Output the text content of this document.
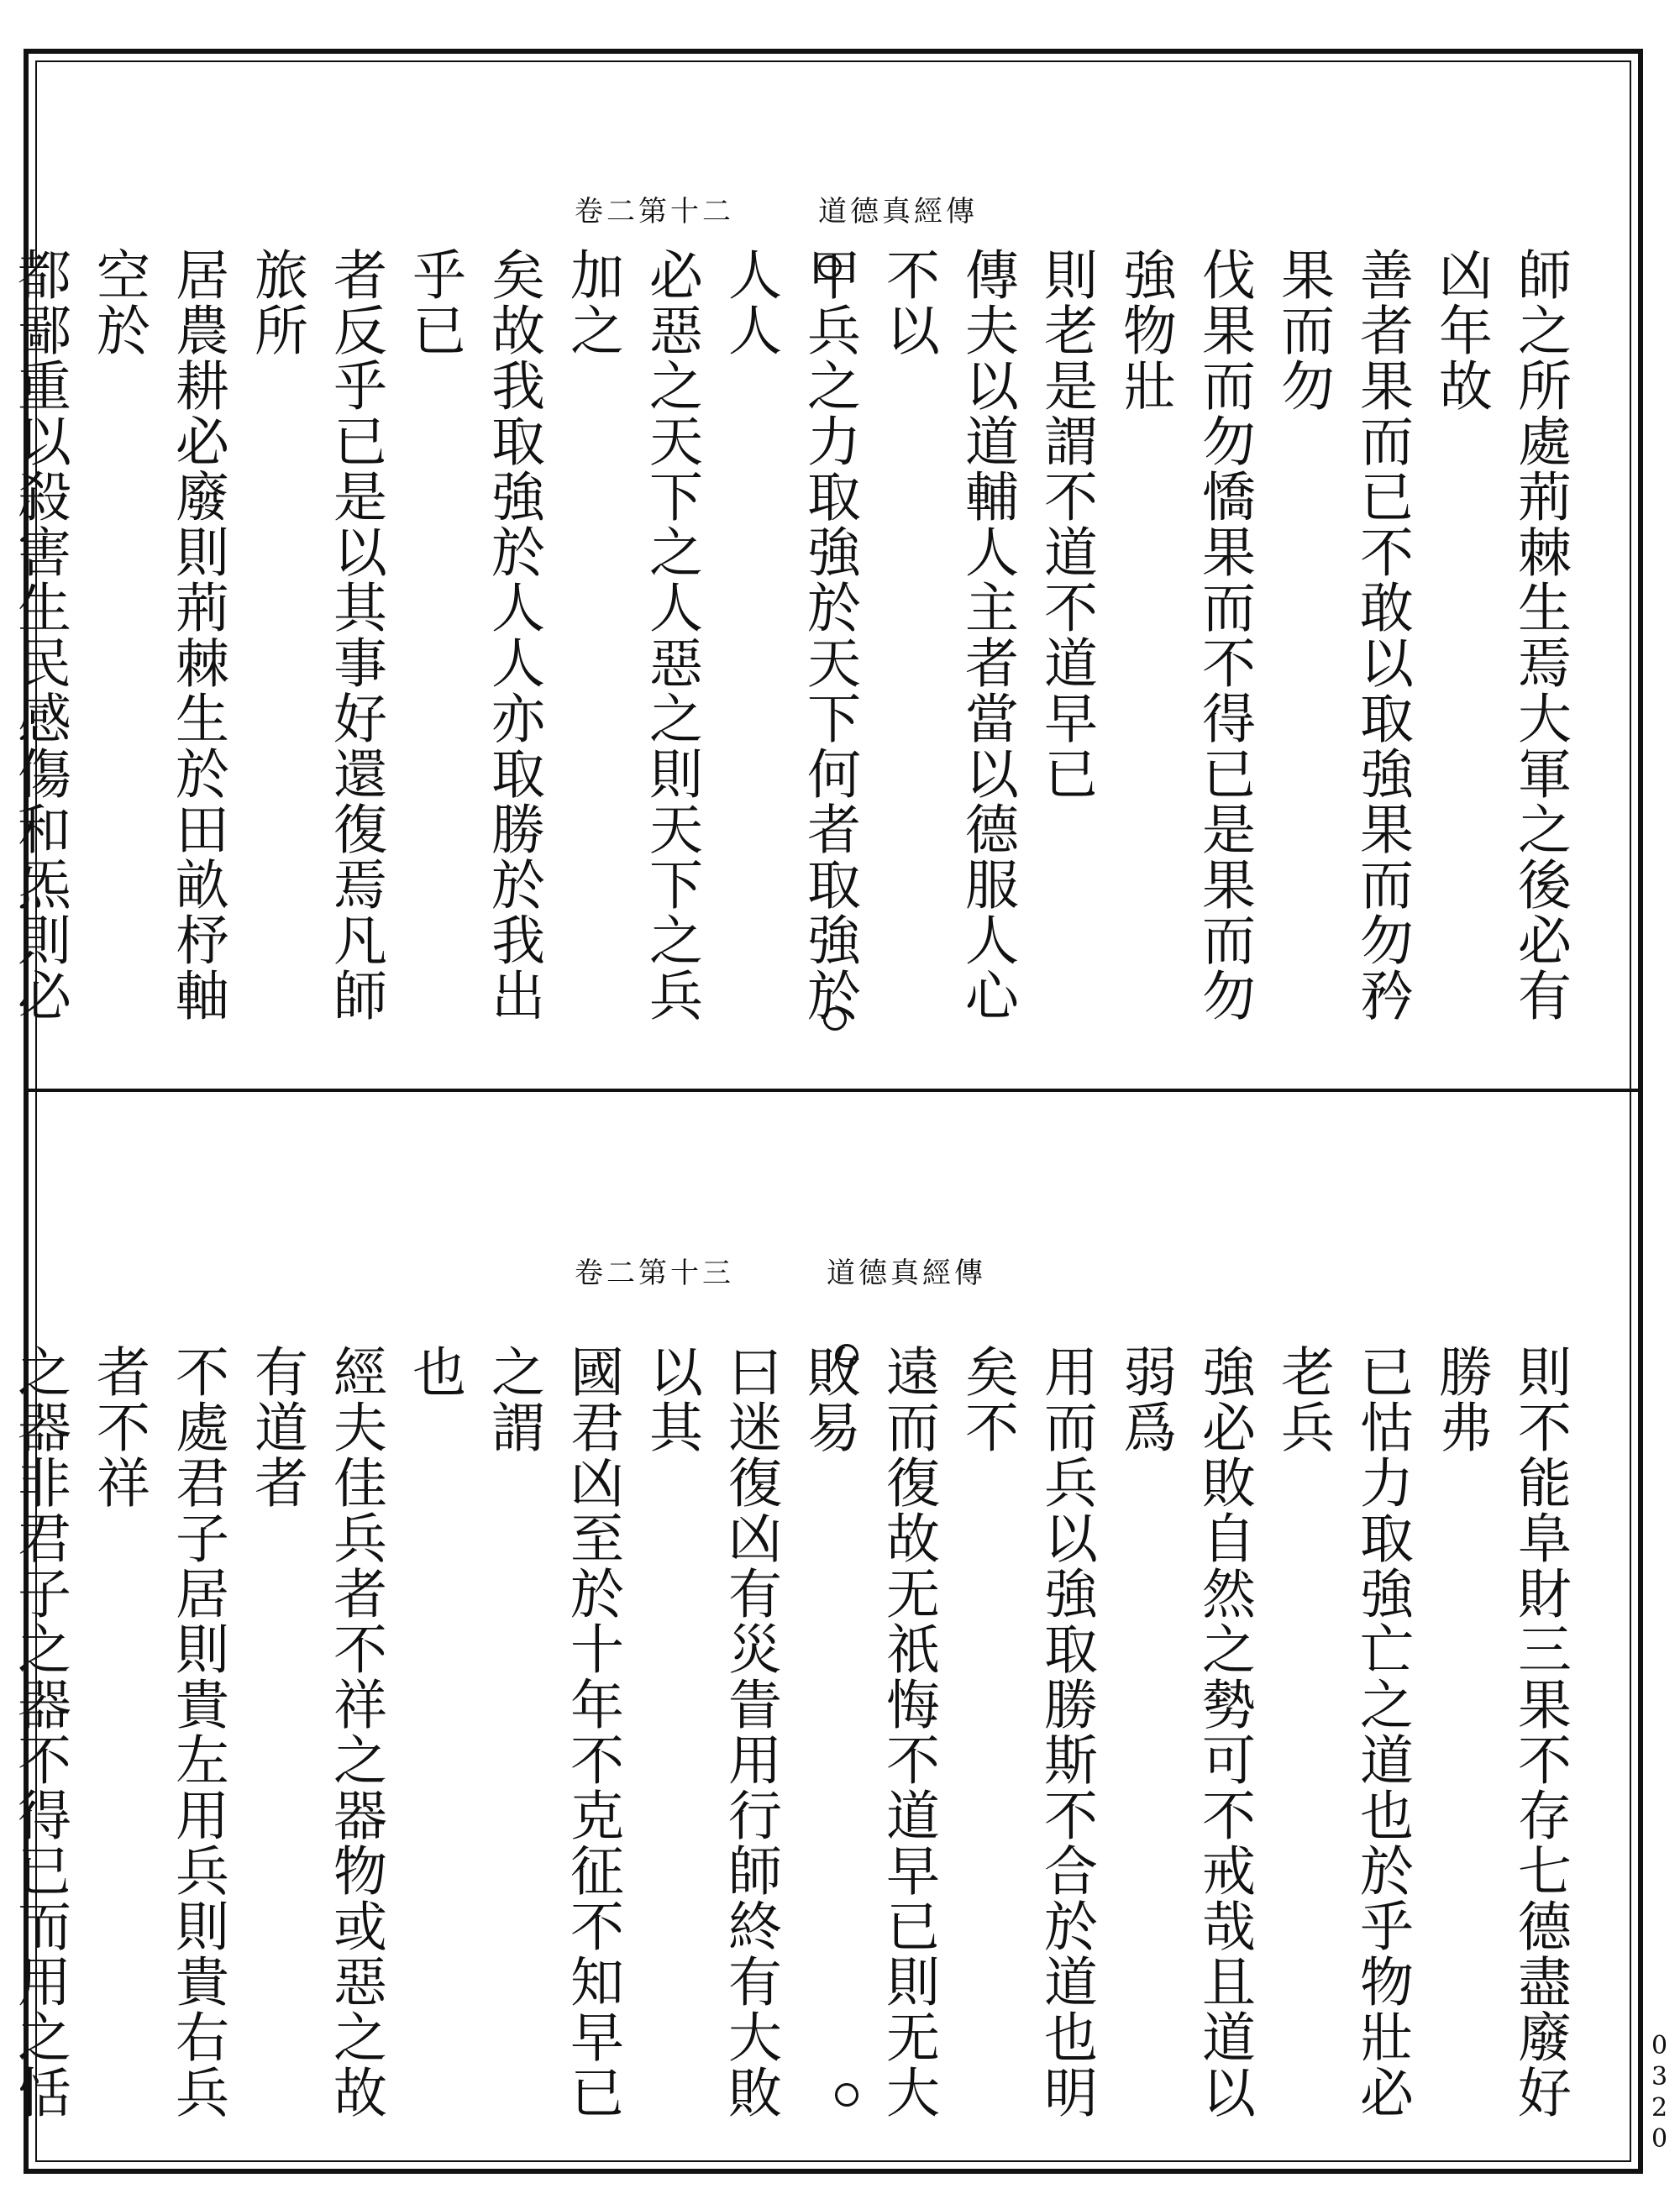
道德真經傳
卷二第十二
師之所處荊棘生焉大軍之後必有凶年故
善者果而已不敢以取強果而勿矜果而勿
伐果而勿憍果而不得已是果而勿強物壯
則老是謂不道不道早已
傳夫以道輔人主者當以德服人心不以
甲兵之力取強於天下何者取強於人人
必惡之天下之人惡之則天下之兵加之
矣故我取強於人人亦取勝於我出乎已
者反乎已是以其事好還復焉凡師旅所
居農耕必廢則荊棘生於田畝杼軸空於
都鄙重以殺害生民感傷和炁則必
道德真經傳
卷二第十三
則不能阜財三果不存七德盡廢好勝弗
已怙力取強亡之道也於乎物壯必老兵
強必敗自然之勢可不戒哉且道以弱爲
用而兵以強取勝斯不合於道也明矣不
遠而復故无祇悔不道早已則无大敗易
曰迷復凶有災眚用行師終有大敗以其
國君凶至於十年不克征不知早已之謂
也
經夫佳兵者不祥之器物或惡之故有道者
不處君子居則貴左用兵則貴右兵者不祥
之器非君子之器不得已而用之恬	0320
